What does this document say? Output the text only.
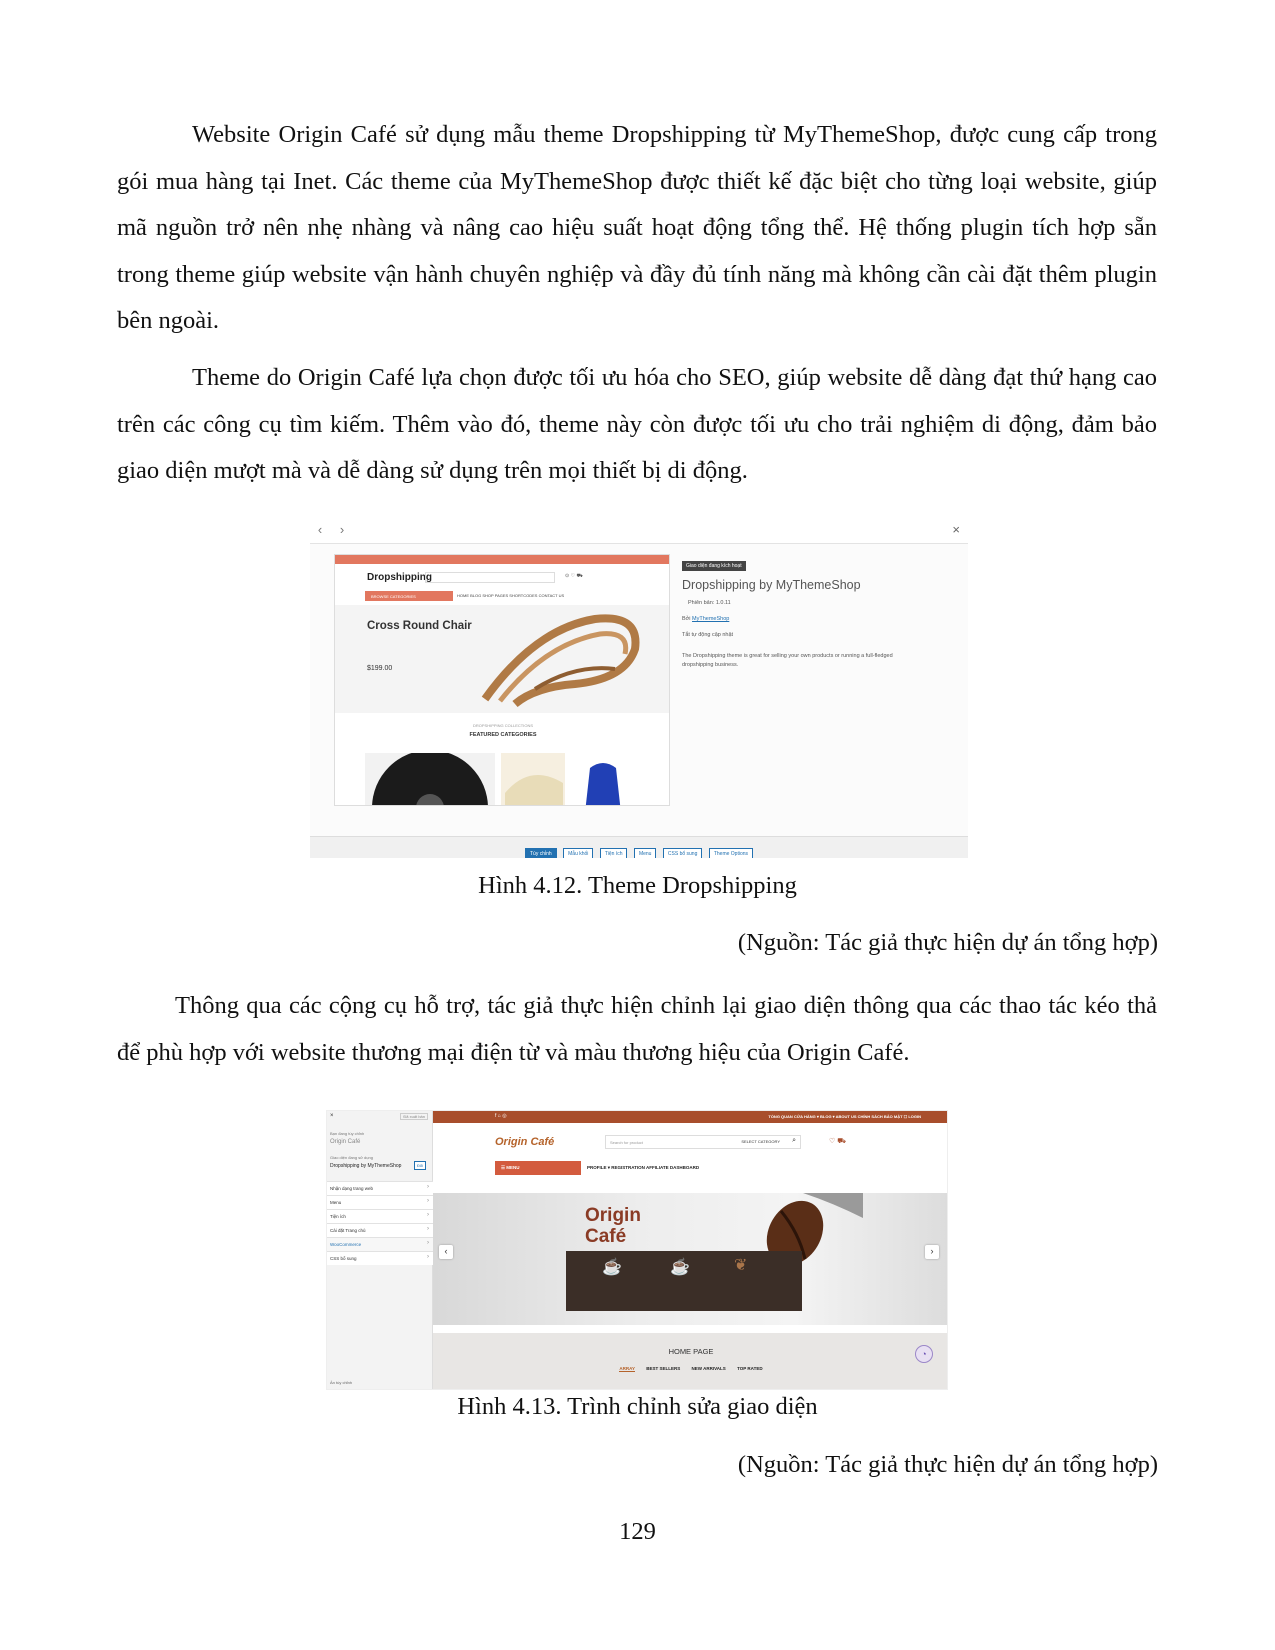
Website Origin Café sử dụng mẫu theme Dropshipping từ MyThemeShop, được cung cấp trong gói mua hàng tại Inet. Các theme của MyThemeShop được thiết kế đặc biệt cho từng loại website, giúp mã nguồn trở nên nhẹ nhàng và nâng cao hiệu suất hoạt động tổng thể. Hệ thống plugin tích hợp sẵn trong theme giúp website vận hành chuyên nghiệp và đầy đủ tính năng mà không cần cài đặt thêm plugin bên ngoài.

Theme do Origin Café lựa chọn được tối ưu hóa cho SEO, giúp website dễ dàng đạt thứ hạng cao trên các công cụ tìm kiếm. Thêm vào đó, theme này còn được tối ưu cho trải nghiệm di động, đảm bảo giao diện mượt mà và dễ dàng sử dụng trên mọi thiết bị di động.

‹	›	×
Dropshipping	⊙ ♡ ⛟
BROWSE CATEGORIES	HOME BLOG SHOP PAGES SHORTCODES CONTACT US
Cross Round Chair
$199.00
DROPSHIPPING COLLECTIONS
FEATURED CATEGORIES
Giao diện đang kích hoạt
Dropshipping by MyThemeShop
Phiên bản: 1.0.11
Bởi MyThemeShop
Tắt tự động cập nhật
The Dropshipping theme is great for selling your own products or running a full-fledged dropshipping business.
Tùy chỉnh	Mẫu khối	Tiện ích	Menu	CSS bổ sung	Theme Options
Hình 4.12. Theme Dropshipping
(Nguồn: Tác giả thực hiện dự án tổng hợp)

Thông qua các cộng cụ hỗ trợ, tác giả thực hiện chỉnh lại giao diện thông qua các thao tác kéo thả để phù hợp với website thương mại điện từ và màu thương hiệu của Origin Café.

×	Đã xuất bản
Bạn đang tùy chỉnh
Origin Café
Giao diện đang sử dụng
Dropshipping by MyThemeShop	Đổi
Nhận dạng trang web	›
Menu	›
Tiện ích	›
Cài đặt Trang chủ	›
WooCommerce	›
CSS bổ sung	›
Ẩn tùy chỉnh
f ⌂ ◎	TỔNG QUAN CỬA HÀNG ▾ BLOG ▾ ABOUT US CHÍNH SÁCH BẢO MẬT ☐ LOGIN
Origin Café	Search for product	SELECT CATEGORY ⌕	♡ ⛟
☰ MENU	PROFILE ▾ REGISTRATION AFFILIATE DASHBOARD
Origin
Café
☕	☕	❦
‹	›
HOME PAGE
ARRAY	BEST SELLERS	NEW ARRIVALS	TOP RATED
◔
Hình 4.13. Trình chỉnh sửa giao diện
(Nguồn: Tác giả thực hiện dự án tổng hợp)
129
